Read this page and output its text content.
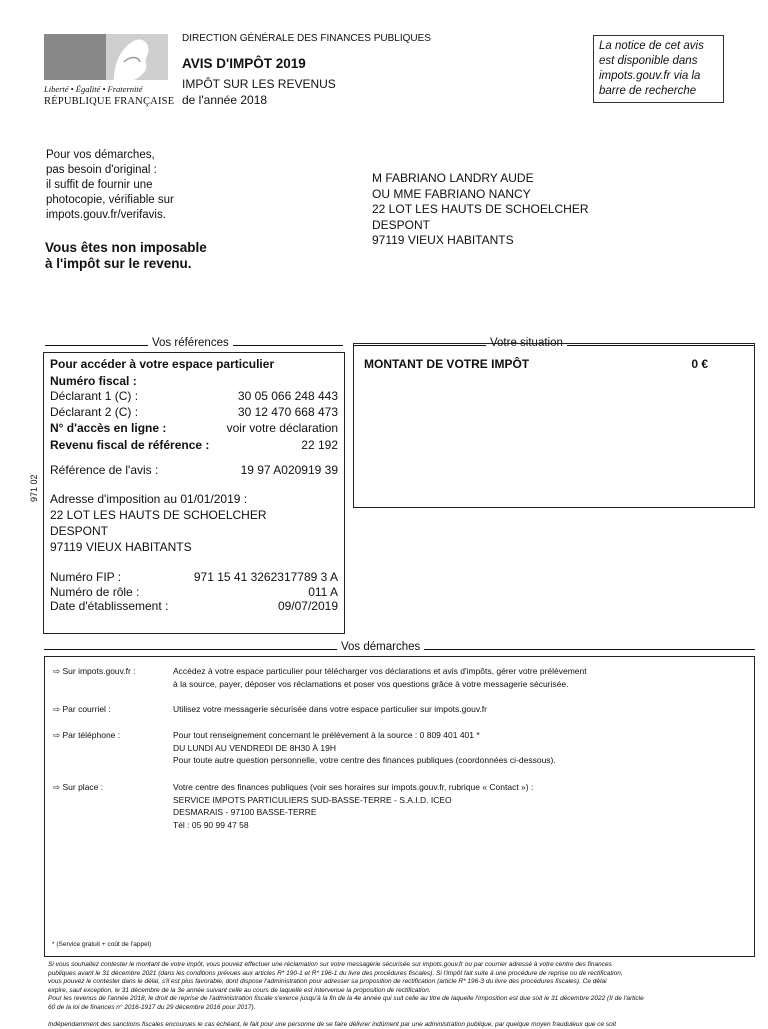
Liberté • Égalité • Fraternité
RÉPUBLIQUE FRANÇAISE
DIRECTION GÉNÉRALE DES FINANCES PUBLIQUES
AVIS D'IMPÔT 2019
IMPÔT SUR LES REVENUS
de l'année 2018
La notice de cet avis
est disponible dans
impots.gouv.fr via la
barre de recherche
Pour vos démarches,
pas besoin d'original :
il suffit de fournir une
photocopie, vérifiable sur
impots.gouv.fr/verifavis.
Vous êtes non imposable
à l'impôt sur le revenu.
M FABRIANO LANDRY AUDE
OU MME FABRIANO NANCY
22 LOT LES HAUTS DE SCHOELCHER
DESPONT
97119 VIEUX HABITANTS
Vos références	Votre situation
Pour accéder à votre espace particulier
Numéro fiscal :
Déclarant 1 (C) :	30 05 066 248 443
Déclarant 2 (C) :	30 12 470 668 473
N° d'accès en ligne :	voir votre déclaration
Revenu fiscal de référence :	22 192
Référence de l'avis :	19 97 A020919 39
Adresse d'imposition au 01/01/2019 :
22 LOT LES HAUTS DE SCHOELCHER
DESPONT
97119 VIEUX HABITANTS
Numéro FIP :	971 15 41 3262317789 3 A
Numéro de rôle :	011 A
Date d'établissement :	09/07/2019
971 02
MONTANT DE VOTRE IMPÔT	0 €
Vos démarches
⇨ Sur impots.gouv.fr :	Accédez à votre espace particulier pour télécharger vos déclarations et avis d'impôts, gérer votre prélèvement
à la source, payer, déposer vos réclamations et poser vos questions grâce à votre messagerie sécurisée.
⇨ Par courriel :	Utilisez votre messagerie sécurisée dans votre espace particulier sur impots.gouv.fr
⇨ Par téléphone :	Pour tout renseignement concernant le prélèvement à la source : 0 809 401 401 *
DU LUNDI AU VENDREDI DE 8H30 À 19H
Pour toute autre question personnelle, votre centre des finances publiques (coordonnées ci-dessous).
⇨ Sur place :	Votre centre des finances publiques (voir ses horaires sur impots.gouv.fr, rubrique « Contact ») :
SERVICE IMPOTS PARTICULIERS SUD-BASSE-TERRE - S.A.I.D. ICEO
DESMARAIS - 97100 BASSE-TERRE
Tél : 05 90 99 47 58
* (Service gratuit + coût de l'appel)
Si vous souhaitez contester le montant de votre impôt, vous pouvez effectuer une réclamation sur votre messagerie sécurisée sur impots.gouv.fr ou par courrier adressé à votre centre des finances
publiques avant le 31 décembre 2021 (dans les conditions prévues aux articles R* 190-1 et R* 196-1 du livre des procédures fiscales). Si l'impôt fait suite à une procédure de reprise ou de rectification,
vous pouvez le contester dans le délai, s'il est plus favorable, dont dispose l'administration pour adresser sa proposition de rectification (article R* 196-3 du livre des procédures fiscales). Ce délai
expire, sauf exception, le 31 décembre de la 3e année suivant celle au cours de laquelle est intervenue la proposition de rectification.
Pour les revenus de l'année 2018, le droit de reprise de l'administration fiscale s'exerce jusqu'à la fin de la 4e année qui suit celle au titre de laquelle l'imposition est due soit le 31 décembre 2022 (II de l'article
60 de la loi de finances n° 2016-1917 du 29 décembre 2016 pour 2017).
Indépendamment des sanctions fiscales encourues le cas échéant, le fait pour une personne de se faire délivrer indûment par une administration publique, par quelque moyen frauduleux que ce soit
